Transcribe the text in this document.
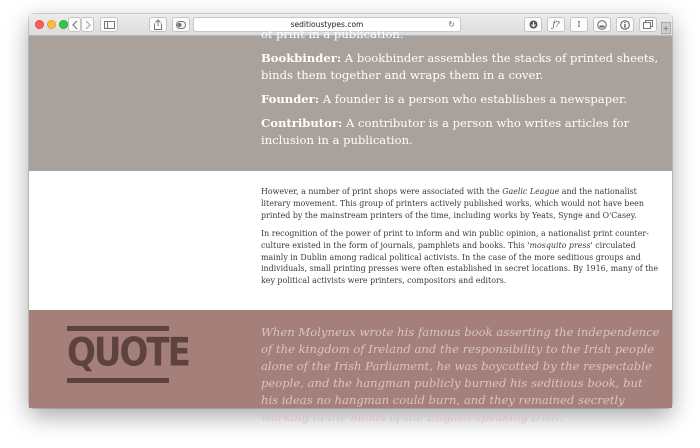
seditioustypes.com	↻	ƒ? I	+

of print in a publication.

Bookbinder: A bookbinder assembles the stacks of printed sheets, binds them together and wraps them in a cover.

Founder: A founder is a person who establishes a newspaper.

Contributor: A contributor is a person who writes articles for inclusion in a publication.

However, a number of print shops were associated with the Gaelic League and the nationalist literary movement. This group of printers actively published works, which would not have been printed by the mainstream printers of the time, including works by Yeats, Synge and O'Casey.

In recognition of the power of print to inform and win public opinion, a nationalist print counter-culture existed in the form of journals, pamphlets and books. This 'mosquito press' circulated mainly in Dublin among radical political activists. In the case of the more seditious groups and individuals, small printing presses were often established in secret locations. By 1916, many of the key political activists were printers, compositors and editors.

QUOTE	When Molyneux wrote his famous book asserting the independence of the kingdom of Ireland and the responsibility to the Irish people alone of the Irish Parliament, he was boycotted by the respectable people, and the hangman publicly burned his seditious book, but his ideas no hangman could burn, and they remained secretly working in the minds of the English-speaking Irish.
